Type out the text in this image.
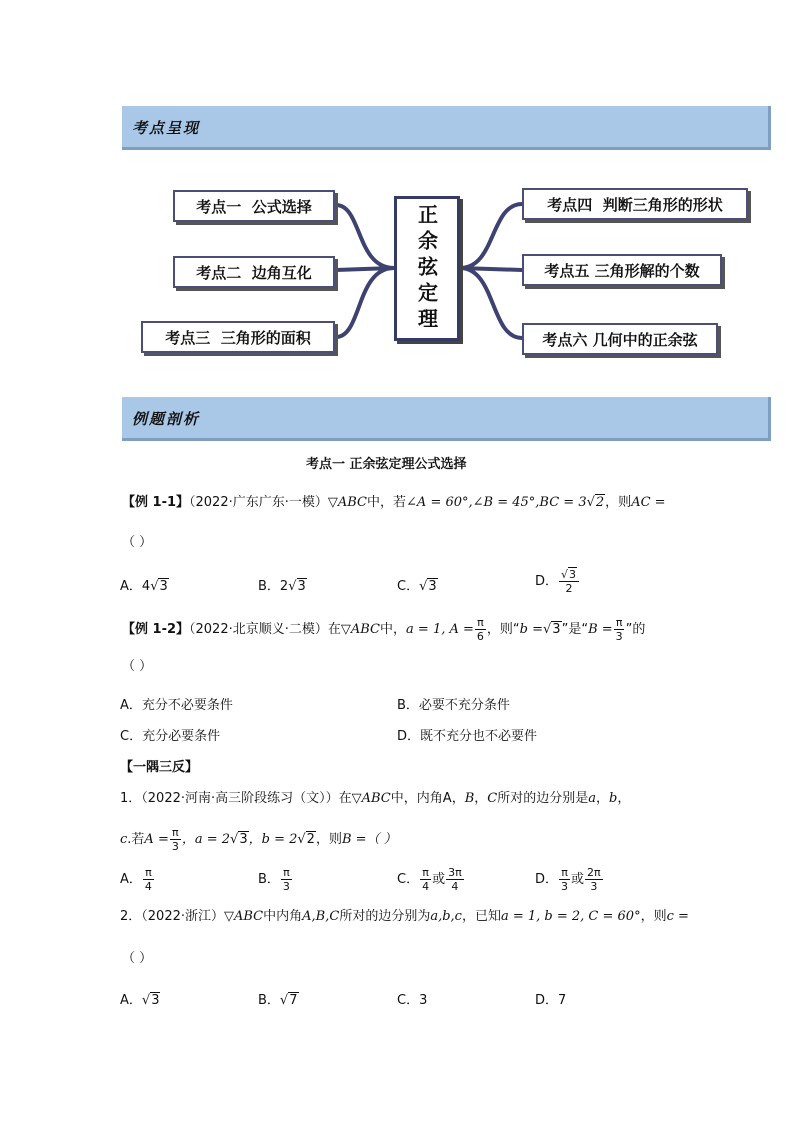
考点呈现
考点一  公式选择
考点二  边角互化
考点三  三角形的面积
正余弦定理	考点四  判断三角形的形状
考点五 三角形解的个数
考点六 几何中的正余弦
例题剖析
考点一 正余弦定理公式选择
【例 1-1】（2022·广东广东·一模）▽ABC中，若∠A = 60°,∠B = 45°,BC = 3√2，则AC =
（ ）
A．4√3	B．2√3	C．√3	D． $\frac{√3}{2}$
【例 1-2】（2022·北京顺义·二模）在▽ABC中，a = 1, $A = \frac{\pi}{6}$ ，则“b =√3”是“$B = \frac{\pi}{3}$ ”的
（ ）
A．充分不必要条件	B．必要不充分条件
C．充分必要条件	D．既不充分也不必要件
【一隅三反】
1．（2022·河南·高三阶段练习（文））在▽ABC中，内角A，B，C所对的边分别是a，b，
c.若$A = \frac{\pi}{3}$ ，a = 2√3，b = 2√2，则B =（ ）
A． $\frac{\pi}{4}$	B． $\frac{\pi}{3}$	C． $\frac{\pi}{4}$ 或 $\frac{3\pi}{4}$	D． $\frac{\pi}{3}$ 或 $\frac{2\pi}{3}$
2．（2022·浙江）▽ABC中内角A,B,C所对的边分别为a,b,c，已知a = 1, b = 2, C = 60°，则c =
（ ）
A．√3	B．√7	C．3	D．7
